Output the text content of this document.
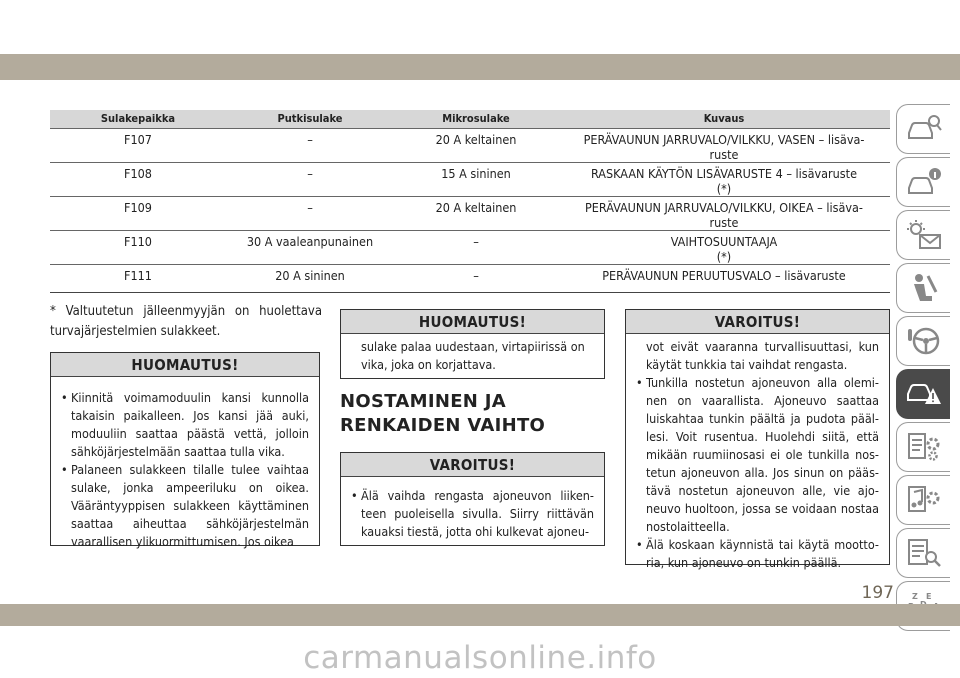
Sulakepaikka	Putkisulake	Mikrosulake	Kuvaus
F107	–	20 A keltainen	PERÄVAUNUN JARRUVALO/VILKKU, VASEN – lisäva-
ruste
F108	–	15 A sininen	RASKAAN KÄYTÖN LISÄVARUSTE 4 – lisävaruste
(*)
F109	–	20 A keltainen	PERÄVAUNUN JARRUVALO/VILKKU, OIKEA – lisäva-
ruste
F110	30 A vaaleanpunainen	–	VAIHTOSUUNTAAJA
(*)
F111	20 A sininen	–	PERÄVAUNUN PERUUTUSVALO – lisävaruste

* Valtuutetun jälleenmyyjän on huolettava turvajärjestelmien sulakkeet.

HUOMAUTUS!
• Kiinnitä voimamoduulin kansi kunnolla takaisin paikalleen. Jos kansi jää auki, moduuliin saattaa päästä vettä, jolloin sähköjärjestelmään saattaa tulla vika.
• Palaneen sulakkeen tilalle tulee vaihtaa sulake, jonka ampeeriluku on oikea. Vääräntyyppisen sulakkeen käyttäminen saattaa aiheuttaa sähköjärjestelmän vaarallisen ylikuormittumisen. Jos oikea
HUOMAUTUS!
sulake palaa uudestaan, virtapiirissä on vika, joka on korjattava.
NOSTAMINEN JA RENKAIDEN VAIHTO
VAROITUS!
• Älä vaihda rengasta ajoneuvon liiken-teen puoleisella sivulla. Siirry riittävän kauaksi tiestä, jotta ohi kulkevat ajoneu-
VAROITUS!

vot eivät vaaranna turvallisuuttasi, kun käytät tunkkia tai vaihdat rengasta.

• Tunkilla nostetun ajoneuvon alla olemi-nen on vaarallista. Ajoneuvo saattaa luiskahtaa tunkin päältä ja pudota pääl-lesi. Voit rusentua. Huolehdi siitä, että mikään ruumiinosasi ei ole tunkilla nos-tetun ajoneuvon alla. Jos sinun on pääs-tävä nostetun ajoneuvon alle, vie ajo-neuvo huoltoon, jossa se voidaan nostaa nostolaitteella.
• Älä koskaan käynnistä tai käytä mootto-ria, kun ajoneuvo on tunkin päällä.
Z E
197
carmanualsonline.info
